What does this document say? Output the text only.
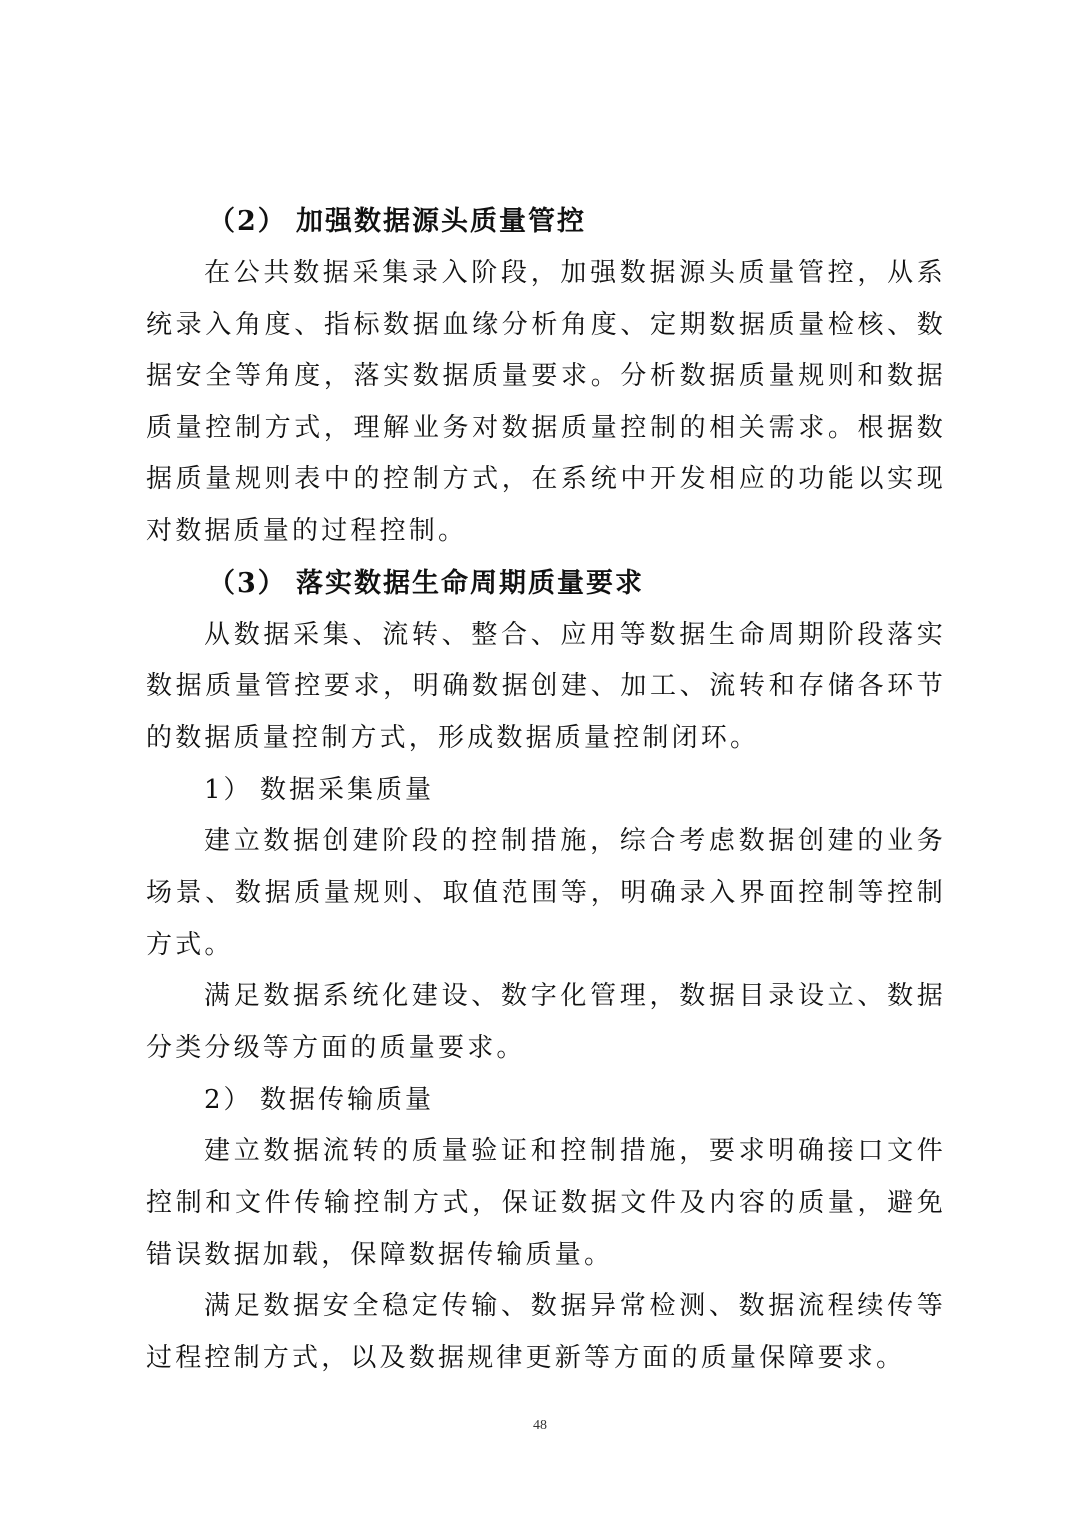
（2） 加强数据源头质量管控

在公共数据采集录入阶段，加强数据源头质量管控，从系统录入角度、指标数据血缘分析角度、定期数据质量检核、数据安全等角度，落实数据质量要求。分析数据质量规则和数据质量控制方式，理解业务对数据质量控制的相关需求。根据数据质量规则表中的控制方式，在系统中开发相应的功能以实现对数据质量的过程控制。

（3） 落实数据生命周期质量要求

从数据采集、流转、整合、应用等数据生命周期阶段落实数据质量管控要求，明确数据创建、加工、流转和存储各环节的数据质量控制方式，形成数据质量控制闭环。

1） 数据采集质量

建立数据创建阶段的控制措施，综合考虑数据创建的业务场景、数据质量规则、取值范围等，明确录入界面控制等控制方式。

满足数据系统化建设、数字化管理，数据目录设立、数据分类分级等方面的质量要求。

2） 数据传输质量

建立数据流转的质量验证和控制措施，要求明确接口文件控制和文件传输控制方式，保证数据文件及内容的质量，避免错误数据加载，保障数据传输质量。

满足数据安全稳定传输、数据异常检测、数据流程续传等过程控制方式，以及数据规律更新等方面的质量保障要求。

48
